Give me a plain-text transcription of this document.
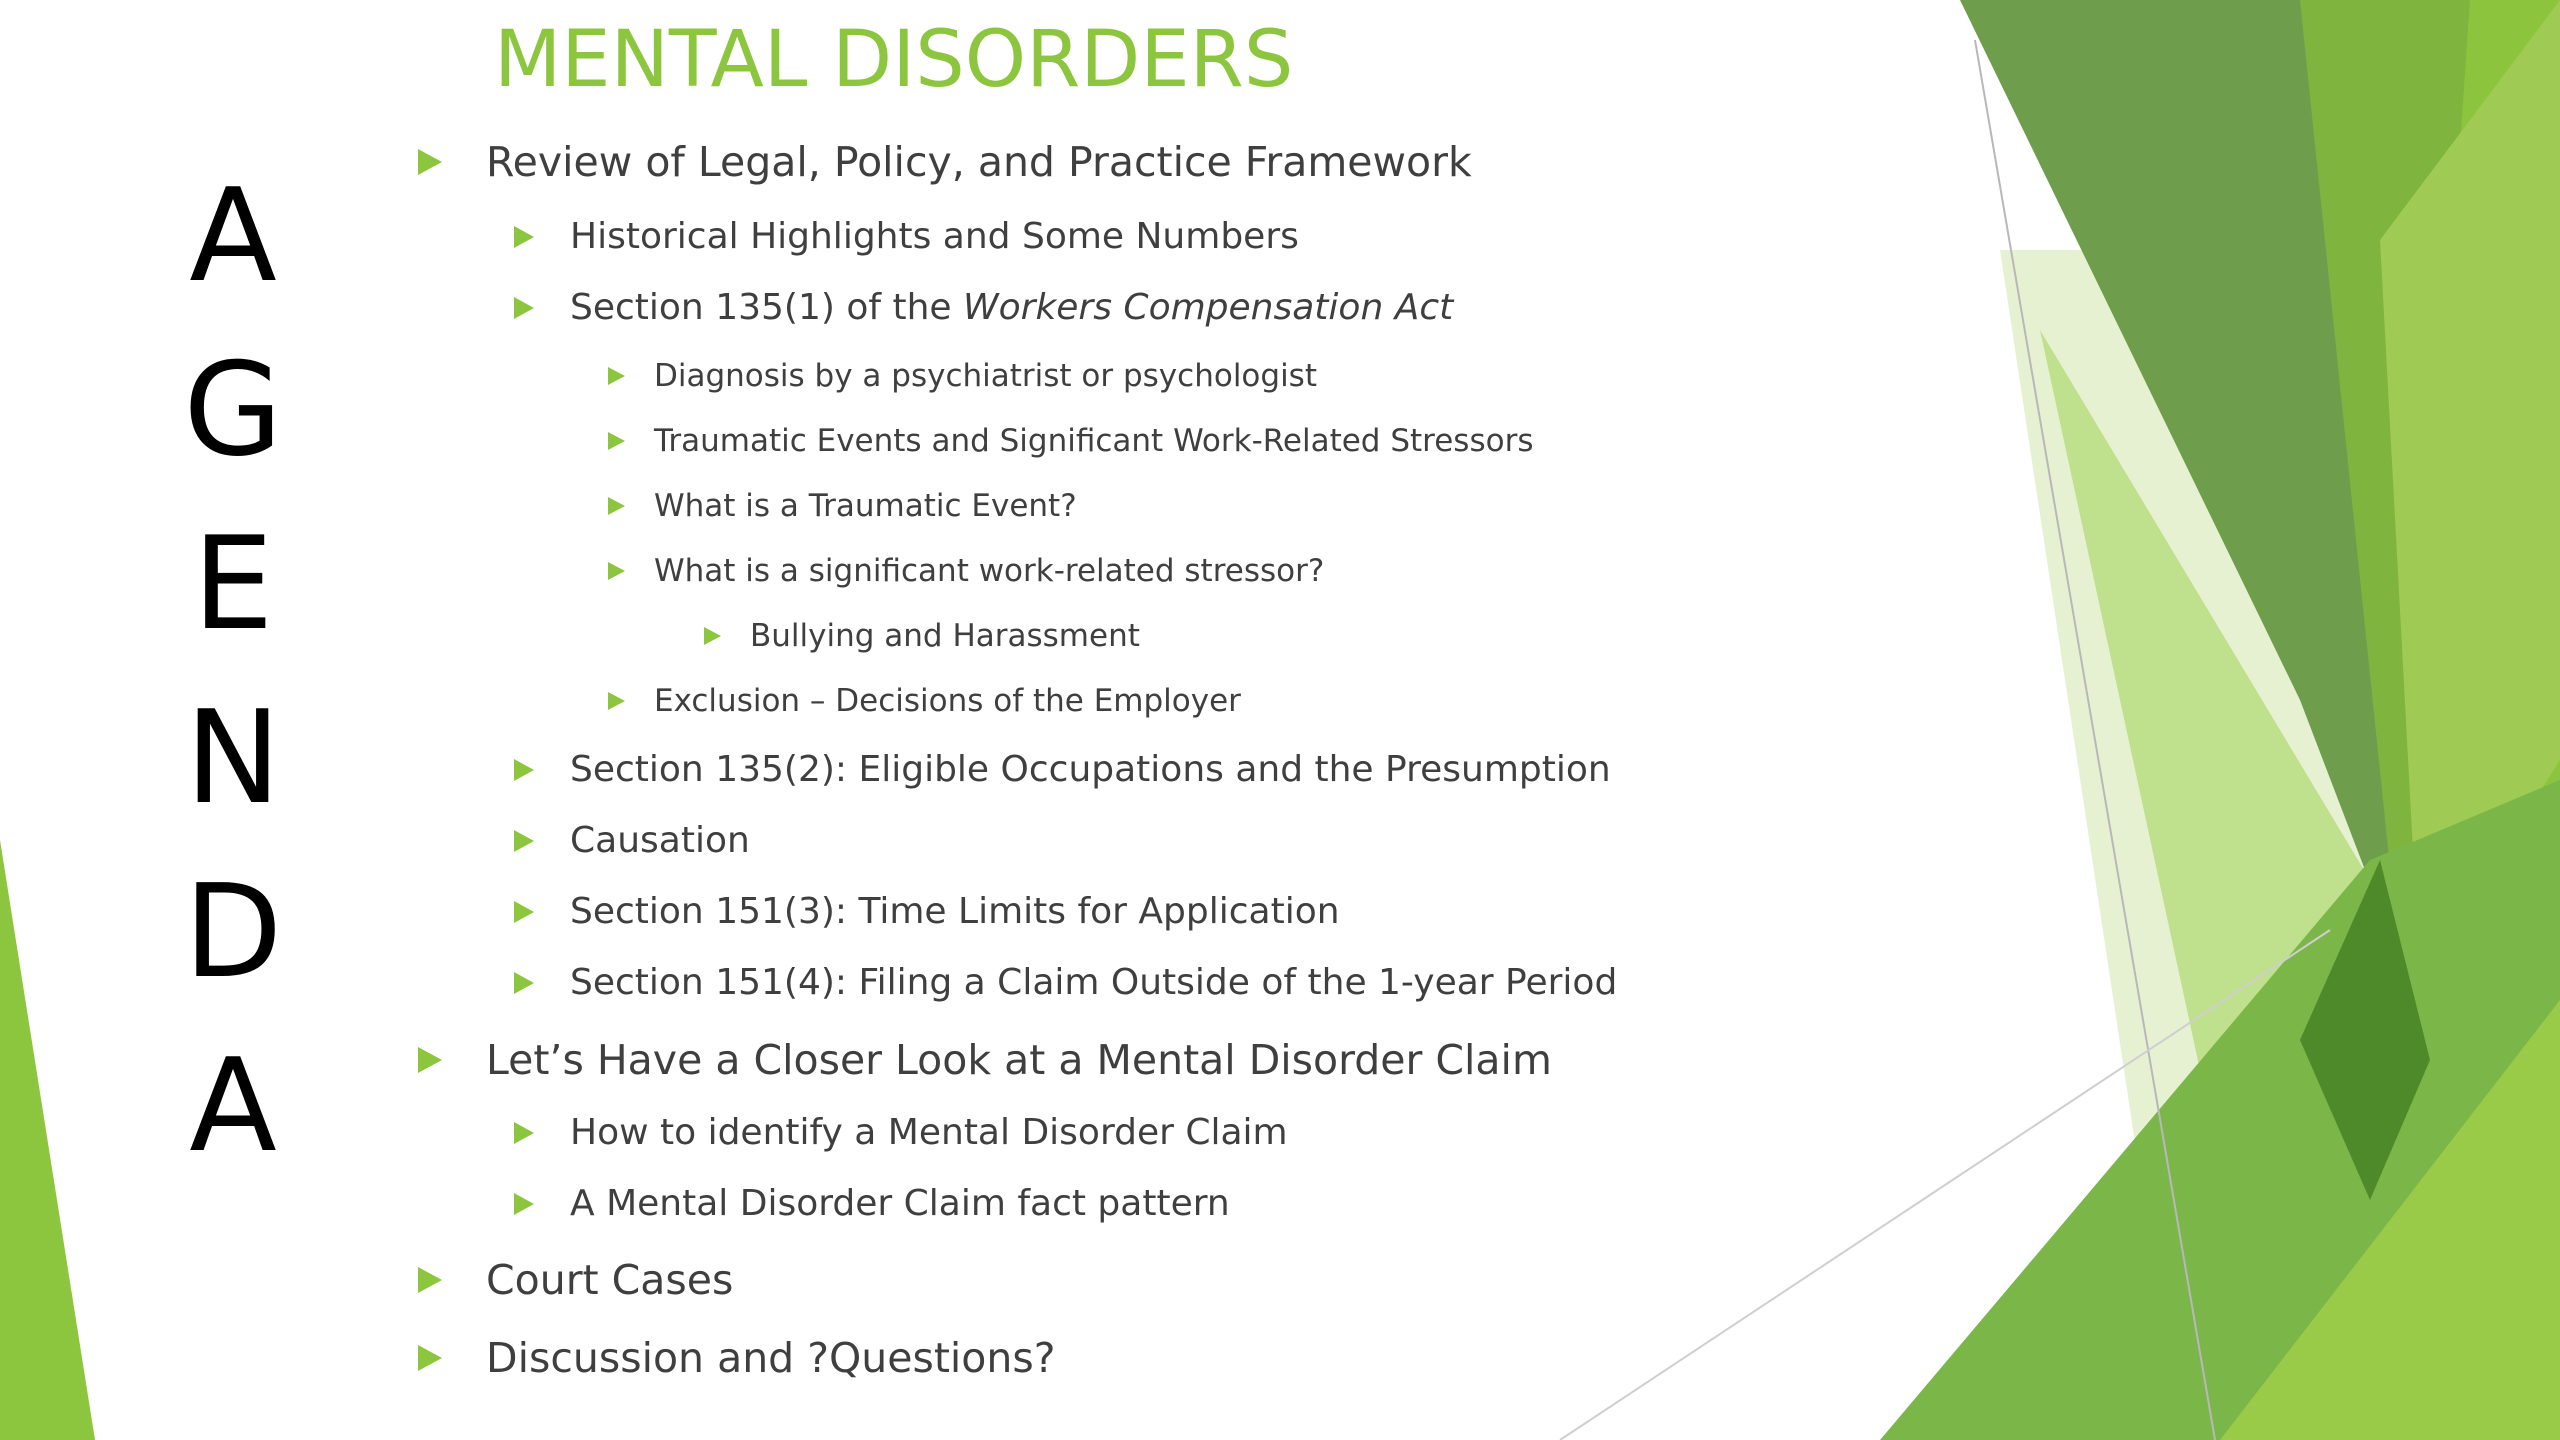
MENTAL DISORDERS
A
G
E
N
D
A
Review of Legal, Policy, and Practice Framework
Historical Highlights and Some Numbers
Section 135(1) of the Workers Compensation Act
Diagnosis by a psychiatrist or psychologist
Traumatic Events and Significant Work-Related Stressors
What is a Traumatic Event?
What is a significant work-related stressor?
Bullying and Harassment
Exclusion – Decisions of the Employer
Section 135(2): Eligible Occupations and the Presumption
Causation
Section 151(3): Time Limits for Application
Section 151(4): Filing a Claim Outside of the 1-year Period
Let’s Have a Closer Look at a Mental Disorder Claim
How to identify a Mental Disorder Claim
A Mental Disorder Claim fact pattern
Court Cases
Discussion and ?Questions?
